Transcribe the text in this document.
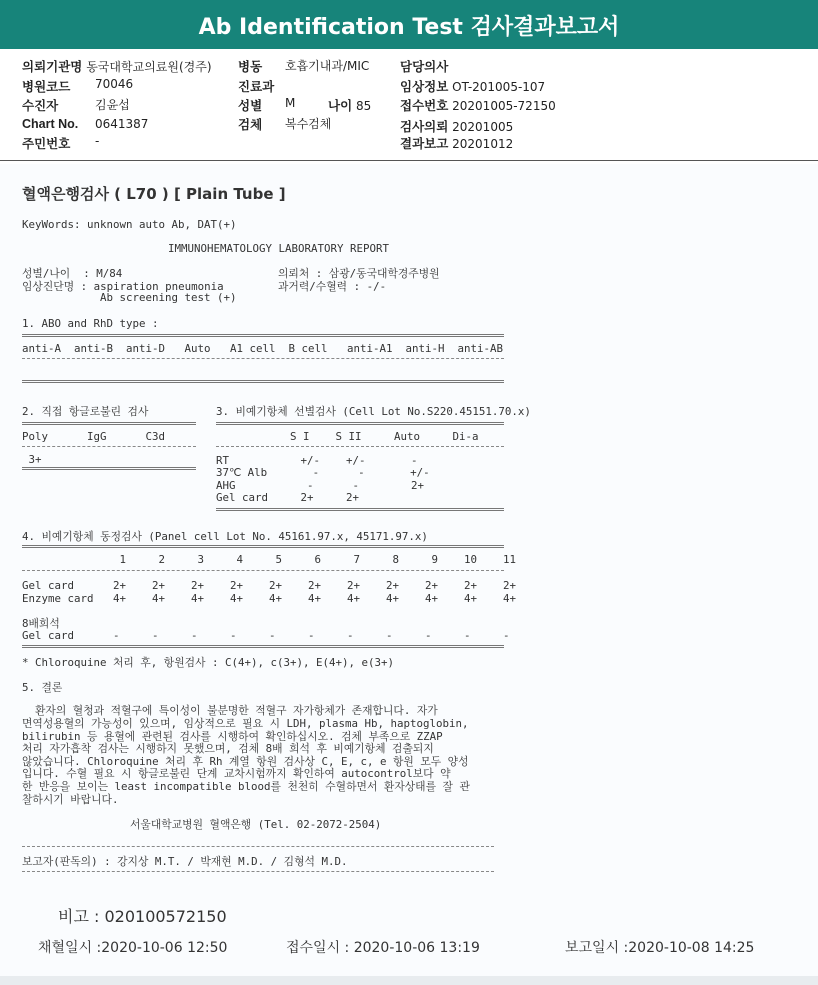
Ab Identification Test 검사결과보고서
의뢰기관명 동국대학교의료원(경주) 병동 호흡기내과/MIC 담당의사
병원코드 70046	진료과	임상정보 OT-201005-107
수진자	김윤섭	성별 M	나이 85 접수번호 20201005-72150
Chart No. 0641387	검체 복수검체	검사의뢰 20201005
주민번호 -	결과보고 20201012
혈액은행검사 ( L70 ) [ Plain Tube ]
KeyWords: unknown auto Ab, DAT(+)
IMMUNOHEMATOLOGY LABORATORY REPORT
성별/나이  : M/84
임상진단명 : aspiration pneumonia
Ab screening test (+)
의뢰처 : 삼광/동국대학경주병원
과거력/수혈력 : -/-
1. ABO and RhD type :
anti-A  anti-B  anti-D   Auto   A1 cell  B cell   anti-A1  anti-H  anti-AB
2. 직접 항글로불린 검사
Poly      IgG      C3d
3+
3. 비예기항체 선별검사 (Cell Lot No.S220.45151.70.x)
S I    S II     Auto     Di-a
RT           +/-    +/-       -
37℃ Alb       -      -       +/-
AHG           -      -        2+
Gel card     2+     2+
4. 비예기항체 동정검사 (Panel cell Lot No. 45161.97.x, 45171.97.x)
1     2     3     4     5     6     7     8     9    10    11
Gel card      2+    2+    2+    2+    2+    2+    2+    2+    2+    2+    2+
Enzyme card   4+    4+    4+    4+    4+    4+    4+    4+    4+    4+    4+
8배희석
Gel card      -     -     -     -     -     -     -     -     -     -     -
* Chloroquine 처리 후, 항원검사 : C(4+), c(3+), E(4+), e(3+)
5. 결론
환자의 혈청과 적혈구에 특이성이 불분명한 적혈구 자가항체가 존재합니다. 자가
면역성용혈의 가능성이 있으며, 임상적으로 필요 시 LDH, plasma Hb, haptoglobin,
bilirubin 등 용혈에 관련된 검사를 시행하여 확인하십시오. 검체 부족으로 ZZAP
처리 자가흡착 검사는 시행하지 못했으며, 검체 8배 희석 후 비예기항체 검출되지
않았습니다. Chloroquine 처리 후 Rh 계열 항원 검사상 C, E, c, e 항원 모두 양성
입니다. 수혈 필요 시 항글로불린 단계 교차시험까지 확인하여 autocontrol보다 약
한 반응을 보이는 least incompatible blood를 천천히 수혈하면서 환자상태를 잘 관
찰하시기 바랍니다.
서울대학교병원 혈액은행 (Tel. 02-2072-2504)
보고자(판독의) : 강지상 M.T. / 박재현 M.D. / 김형석 M.D.
비고 : 020100572150
채혈일시 :2020-10-06 12:50	접수일시 : 2020-10-06 13:19	보고일시 :2020-10-08 14:25
